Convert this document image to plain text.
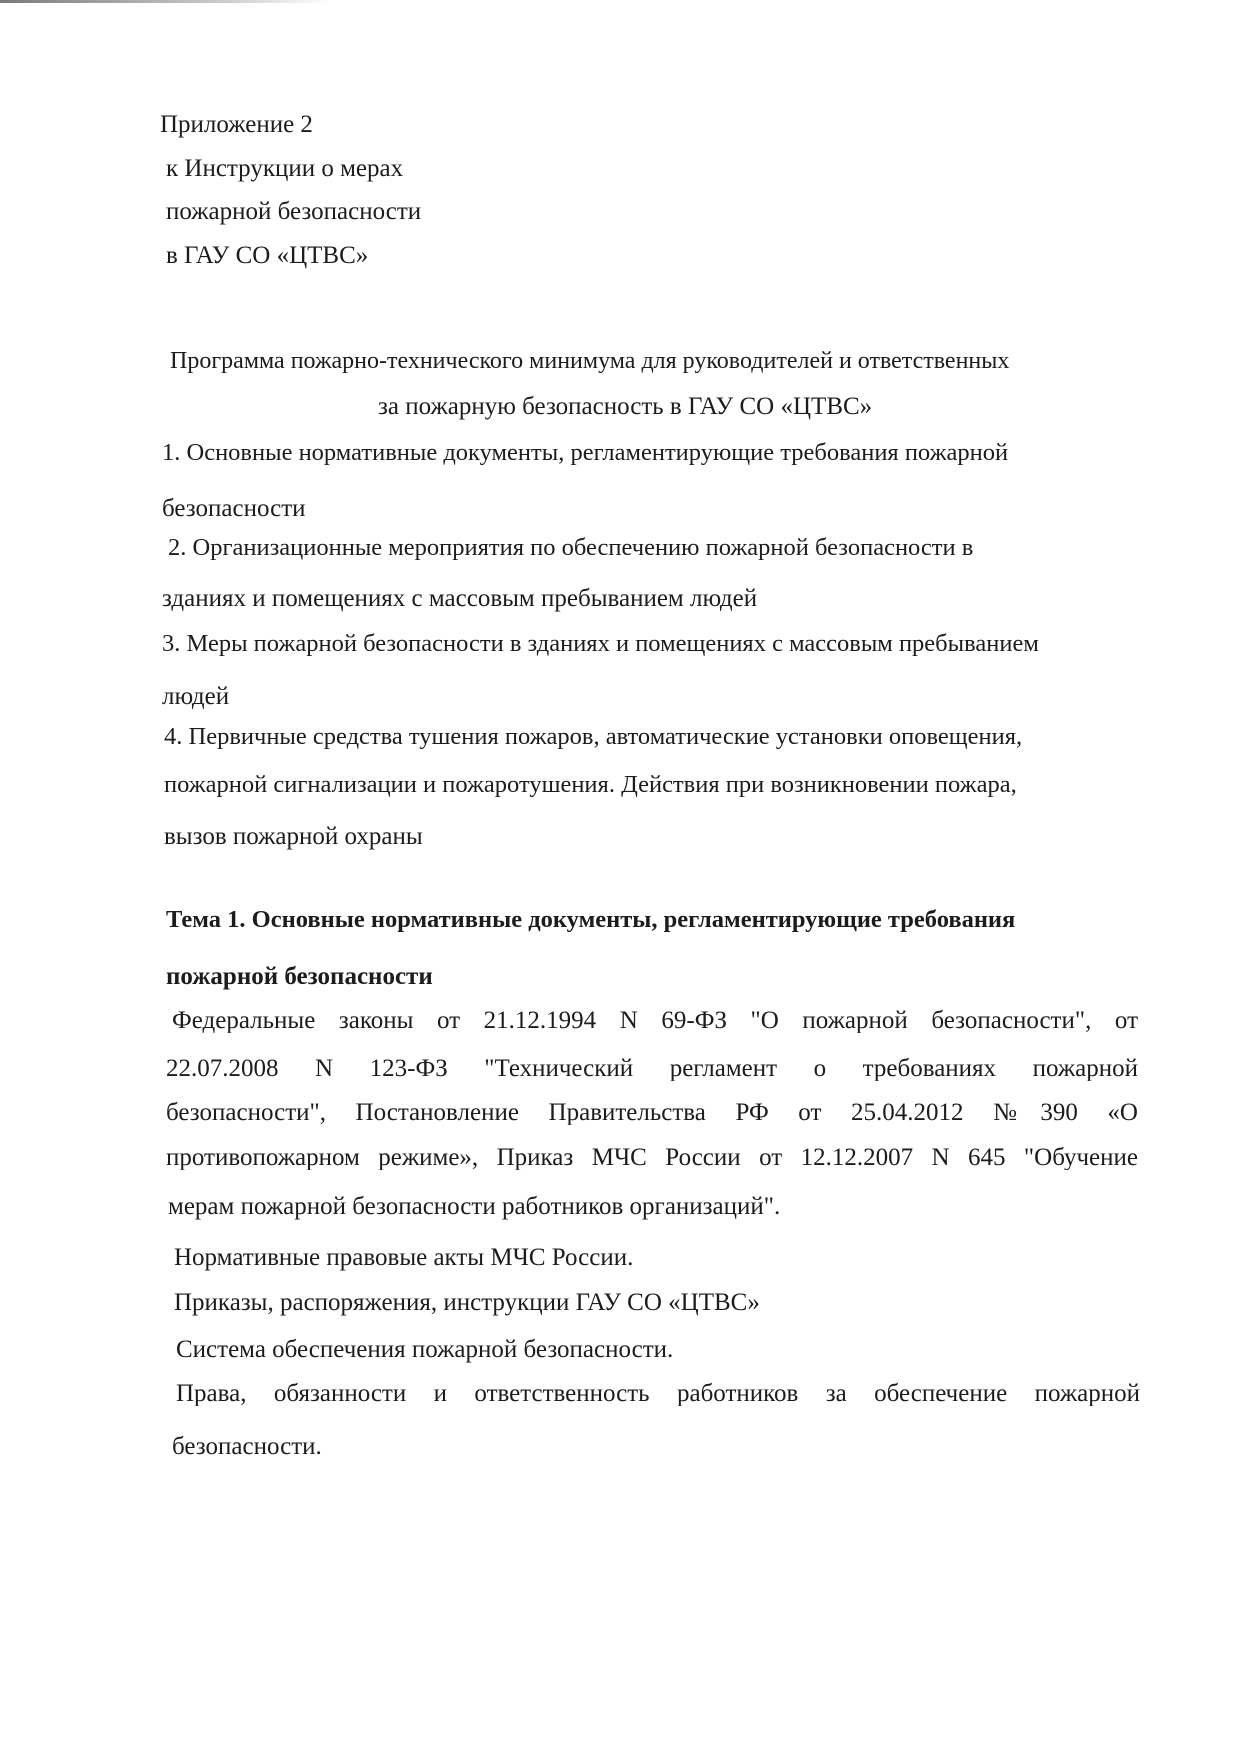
Приложение 2
к Инструкции о мерах
пожарной безопасности
в ГАУ СО «ЦТВС»
Программа пожарно-технического минимума для руководителей и ответственных
за пожарную безопасность в ГАУ СО «ЦТВС»
1. Основные нормативные документы, регламентирующие требования пожарной
безопасности
2. Организационные мероприятия по обеспечению пожарной безопасности в
зданиях и помещениях с массовым пребыванием людей
3. Меры пожарной безопасности в зданиях и помещениях с массовым пребыванием
людей
4. Первичные средства тушения пожаров, автоматические установки оповещения,
пожарной сигнализации и пожаротушения. Действия при возникновении пожара,
вызов пожарной охраны
Тема 1. Основные нормативные документы, регламентирующие требования
пожарной безопасности
Федеральные законы от 21.12.1994 N 69-ФЗ "О пожарной безопасности", от
22.07.2008 N 123-ФЗ "Технический регламент о требованиях пожарной
безопасности", Постановление Правительства РФ от 25.04.2012 №390 «О
противопожарном режиме», Приказ МЧС России от 12.12.2007 N 645 "Обучение
мерам пожарной безопасности работников организаций".
Нормативные правовые акты МЧС России.
Приказы, распоряжения, инструкции ГАУ СО «ЦТВС»
Система обеспечения пожарной безопасности.
Права, обязанности и ответственность работников за обеспечение пожарной
безопасности.
